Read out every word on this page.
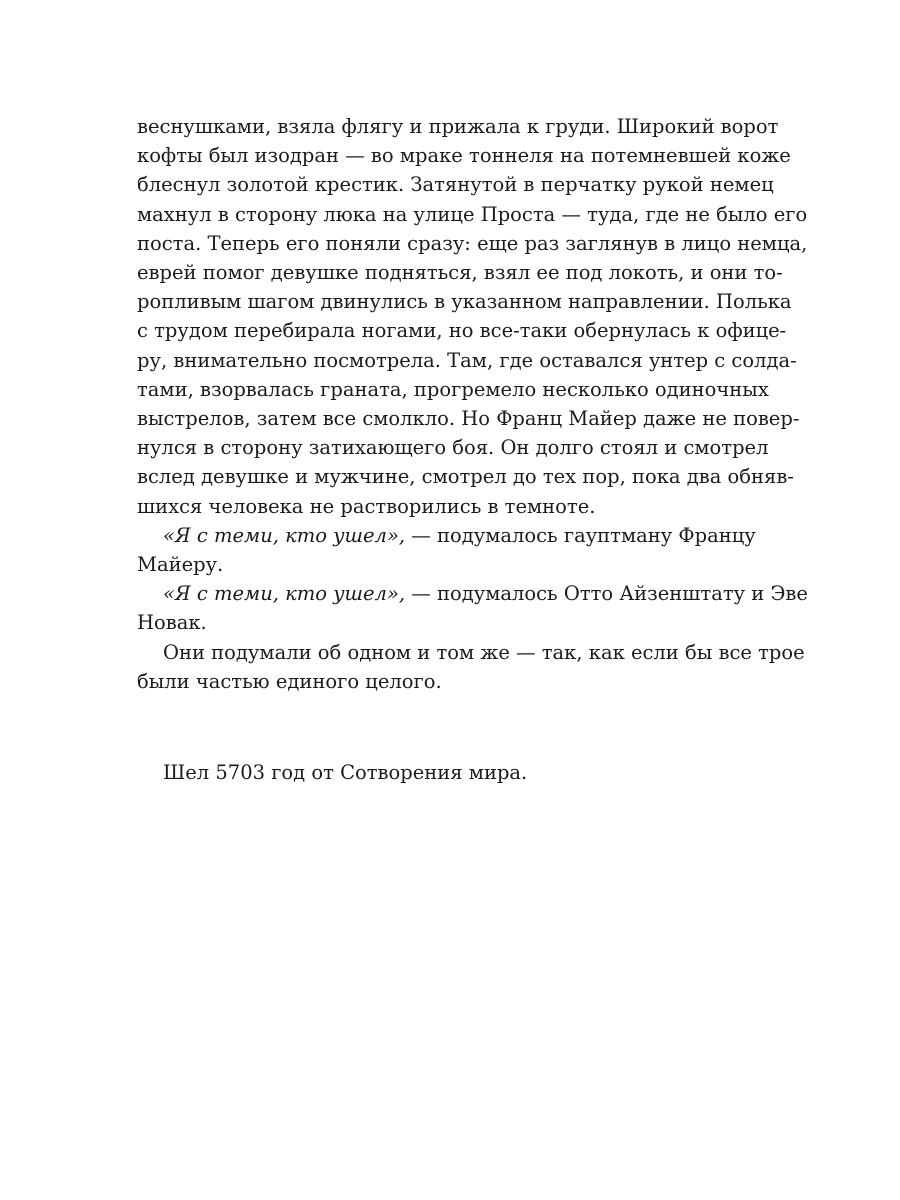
веснушками, взяла флягу и прижала к груди. Широкий ворот
кофты был изодран — во мраке тоннеля на потемневшей коже
блеснул золотой крестик. Затянутой в перчатку рукой немец
махнул в сторону люка на улице Проста — туда, где не было его
поста. Теперь его поняли сразу: еще раз заглянув в лицо немца,
еврей помог девушке подняться, взял ее под локоть, и они то-
ропливым шагом двинулись в указанном направлении. Полька
с трудом перебирала ногами, но все-таки обернулась к офице-
ру, внимательно посмотрела. Там, где оставался унтер с солда-
тами, взорвалась граната, прогремело несколько одиночных
выстрелов, затем все смолкло. Но Франц Майер даже не повер-
нулся в сторону затихающего боя. Он долго стоял и смотрел
вслед девушке и мужчине, смотрел до тех пор, пока два обняв-
шихся человека не растворились в темноте.
«Я с теми, кто ушел», — подумалось гауптману Францу
Майеру.
«Я с теми, кто ушел», — подумалось Отто Айзенштату и Эве
Новак.
Они подумали об одном и том же — так, как если бы все трое
были частью единого целого.
Шел 5703 год от Сотворения мира.
